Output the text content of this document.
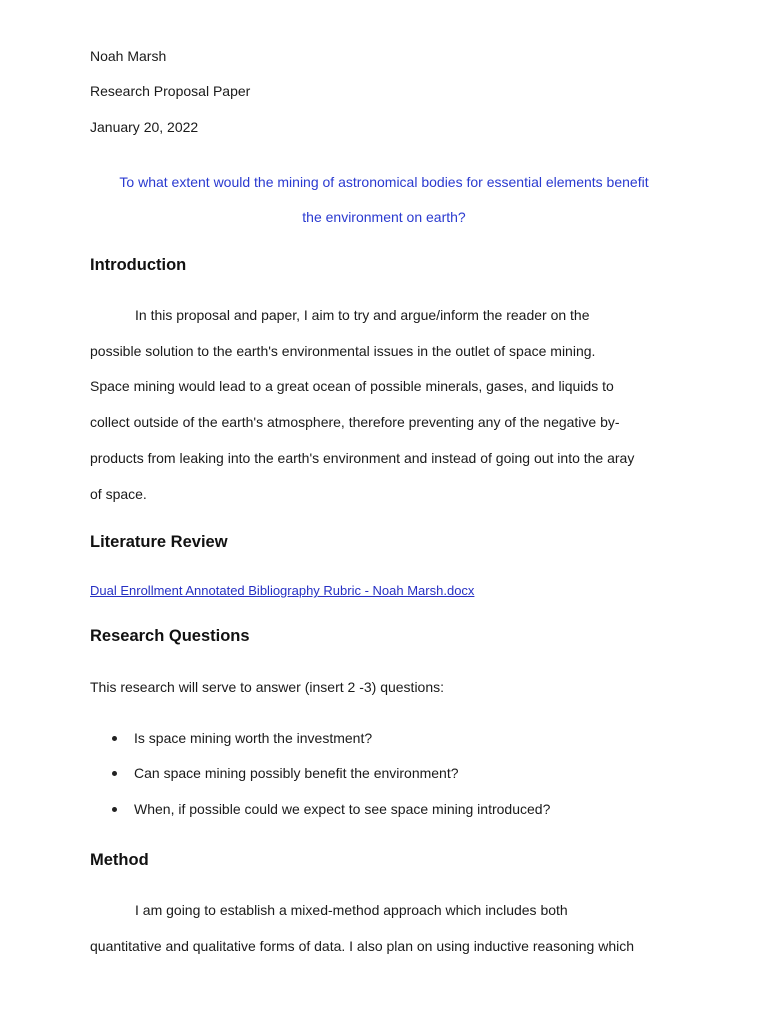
Noah Marsh
Research Proposal Paper
January 20, 2022
To what extent would the mining of astronomical bodies for essential elements benefit
the environment on earth?
Introduction
In this proposal and paper, I aim to try and argue/inform the reader on the
possible solution to the earth's environmental issues in the outlet of space mining.
Space mining would lead to a great ocean of possible minerals, gases, and liquids to
collect outside of the earth's atmosphere, therefore preventing any of the negative by-
products from leaking into the earth's environment and instead of going out into the aray
of space.
Literature Review
Dual Enrollment Annotated Bibliography Rubric - Noah Marsh.docx
Research Questions
This research will serve to answer (insert 2 -3) questions:
Is space mining worth the investment?
Can space mining possibly benefit the environment?
When, if possible could we expect to see space mining introduced?
Method
I am going to establish a mixed-method approach which includes both
quantitative and qualitative forms of data. I also plan on using inductive reasoning which
